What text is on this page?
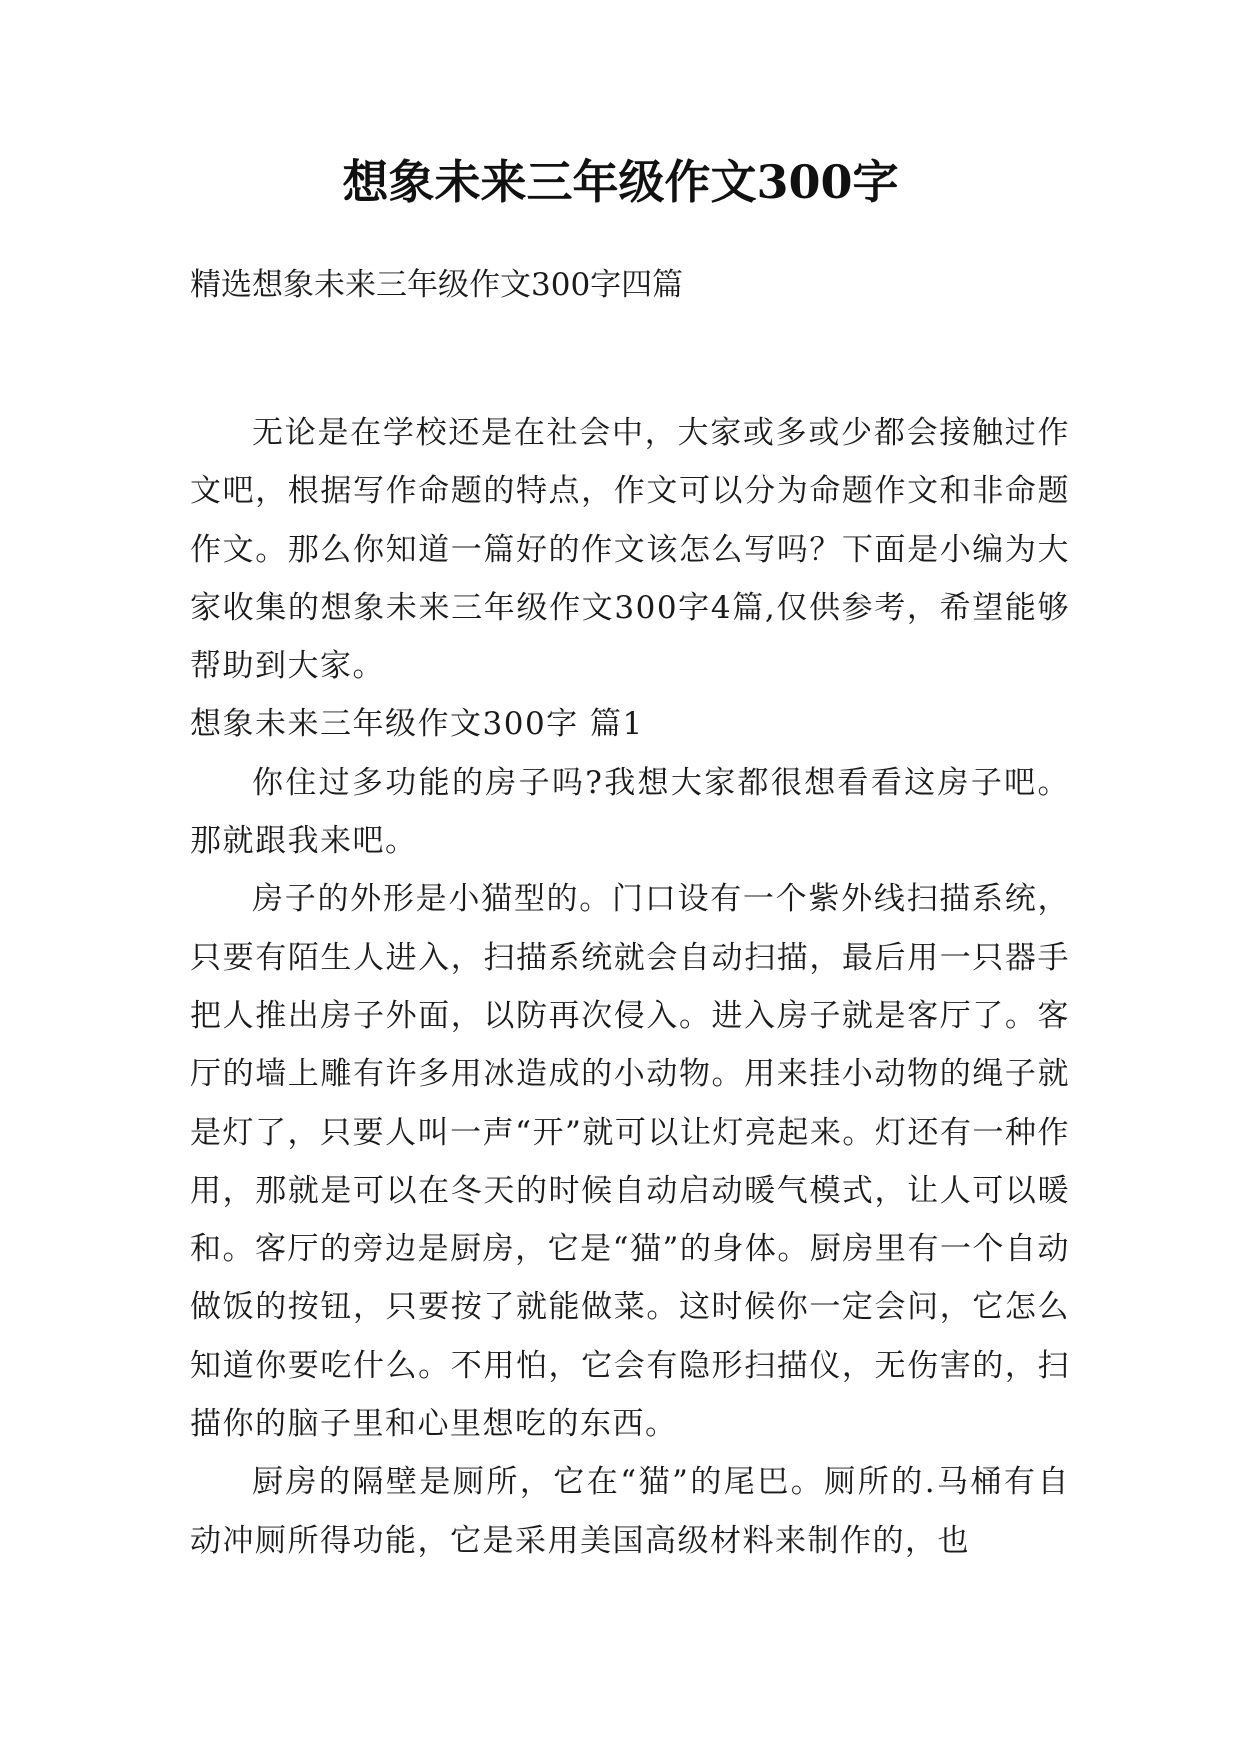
想象未来三年级作文300字

精选想象未来三年级作文300字四篇

无论是在学校还是在社会中，大家或多或少都会接触过作文吧，根据写作命题的特点，作文可以分为命题作文和非命题作文。那么你知道一篇好的作文该怎么写吗？下面是小编为大家收集的想象未来三年级作文300字4篇,仅供参考，希望能够帮助到大家。

想象未来三年级作文300字 篇1

你住过多功能的房子吗?我想大家都很想看看这房子吧。那就跟我来吧。

房子的外形是小猫型的。门口设有一个紫外线扫描系统，只要有陌生人进入，扫描系统就会自动扫描，最后用一只器手把人推出房子外面，以防再次侵入。进入房子就是客厅了。客厅的墙上雕有许多用冰造成的小动物。用来挂小动物的绳子就是灯了，只要人叫一声“开”就可以让灯亮起来。灯还有一种作用，那就是可以在冬天的时候自动启动暖气模式，让人可以暖和。客厅的旁边是厨房，它是“猫”的身体。厨房里有一个自动做饭的按钮，只要按了就能做菜。这时候你一定会问，它怎么知道你要吃什么。不用怕，它会有隐形扫描仪，无伤害的，扫描你的脑子里和心里想吃的东西。

厨房的隔壁是厕所，它在“猫”的尾巴。厕所的.马桶有自动冲厕所得功能，它是采用美国高级材料来制作的，也
